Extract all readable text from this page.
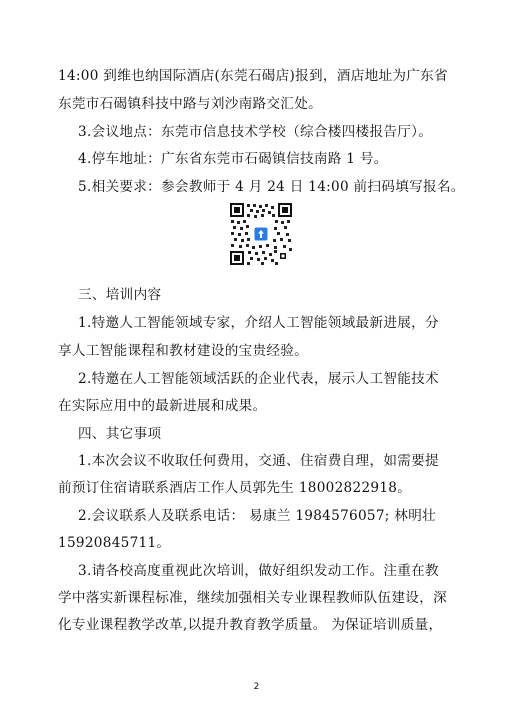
14:00 到维也纳国际酒店(东莞石碣店)报到，酒店地址为广东省
东莞市石碣镇科技中路与刘沙南路交汇处。
3.会议地点：东莞市信息技术学校（综合楼四楼报告厅）。
4.停车地址：广东省东莞市石碣镇信技南路 1 号。
5.相关要求：参会教师于 4 月 24 日 14:00 前扫码填写报名。
三、培训内容
1.特邀人工智能领域专家，介绍人工智能领域最新进展，分
享人工智能课程和教材建设的宝贵经验。
2.特邀在人工智能领域活跃的企业代表，展示人工智能技术
在实际应用中的最新进展和成果。
四、其它事项
1.本次会议不收取任何费用，交通、住宿费自理，如需要提
前预订住宿请联系酒店工作人员郭先生 18002822918。
2.会议联系人及联系电话： 易康兰 1984576057; 林明壮
15920845711。
3.请各校高度重视此次培训，做好组织发动工作。注重在教
学中落实新课程标准，继续加强相关专业课程教师队伍建设，深
化专业课程教学改革,以提升教育教学质量。 为保证培训质量，
2
